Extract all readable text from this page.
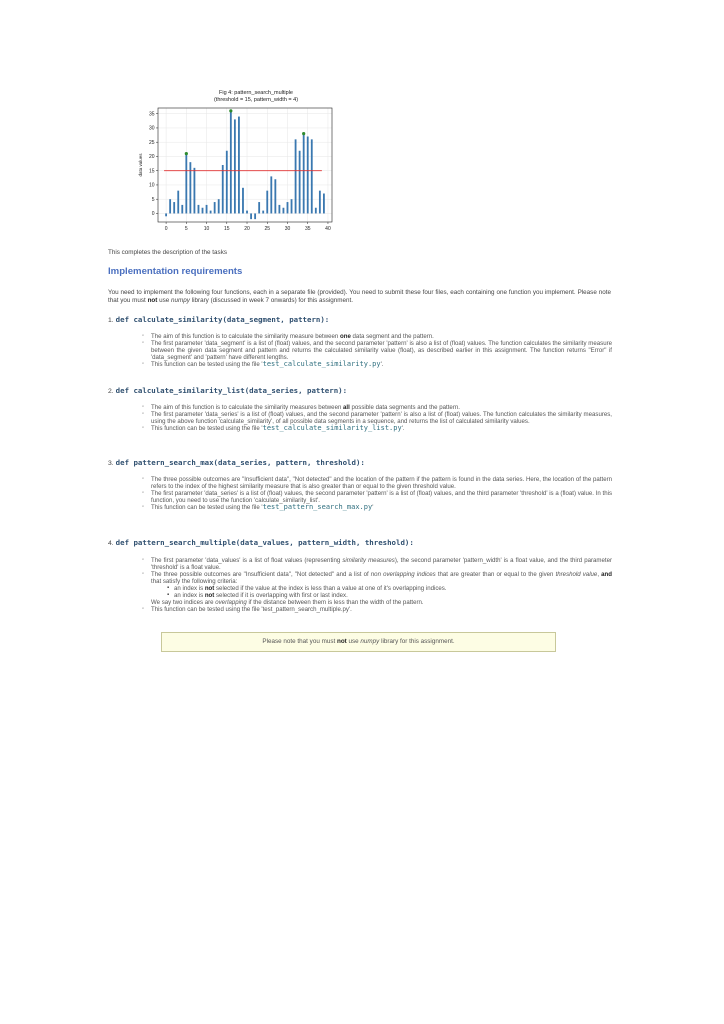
0	5	10	15	20	25	30	35	40
0
5
10
15
20
25
30
35
data values
Fig 4: pattern_search_multiple
(threshold = 15, pattern_width = 4)
This completes the description of the tasks
Implementation requirements
You need to implement the following four functions, each in a separate file (provided). You need to submit these four files, each containing one function you implement. Please note that you must not use numpy library (discussed in week 7 onwards) for this assignment.
1. def calculate_similarity(data_segment, pattern):
◦ The aim of this function is to calculate the similarity measure between one data segment and the pattern.
◦ The first parameter 'data_segment' is a list of (float) values, and the second parameter 'pattern' is also a list of (float) values. The function calculates the similarity measure between the given data segment and pattern and returns the calculated similarity value (float), as described earlier in this assignment. The function returns "Error" if 'data_segment' and 'pattern' have different lengths.
◦ This function can be tested using the file 'test_calculate_similarity.py'.
2. def calculate_similarity_list(data_series, pattern):
◦ The aim of this function is to calculate the similarity measures between all possible data segments and the pattern.
◦ The first parameter 'data_series' is a list of (float) values, and the second parameter 'pattern' is also a list of (float) values. The function calculates the similarity measures, using the above function 'calculate_similarity', of all possible data segments in a sequence, and returns the list of calculated similarity values.
◦ This function can be tested using the file 'test_calculate_similarity_list.py'.
3. def pattern_search_max(data_series, pattern, threshold):
◦ The three possible outcomes are "Insufficient data", "Not detected" and the location of the pattern if the pattern is found in the data series. Here, the location of the pattern refers to the index of the highest similarity measure that is also greater than or equal to the given threshold value.
◦ The first parameter 'data_series' is a list of (float) values, the second parameter 'pattern' is a list of (float) values, and the third parameter 'threshold' is a (float) value. In this function, you need to use the function 'calculate_similarity_list'.
◦ This function can be tested using the file 'test_pattern_search_max.py'
4. def pattern_search_multiple(data_values, pattern_width, threshold):
◦ The first parameter 'data_values' is a list of float values (representing similarity measures), the second parameter 'pattern_width' is a float value, and the third parameter 'threshold' is a float value.
◦ The three possible outcomes are "Insufficient data", "Not detected" and a list of non overlapping indices that are greater than or equal to the given threshold value, and that satisfy the following criteria:
▪ an index is not selected if the value at the index is less than a value at one of it's overlapping indices.
▪ an index is not selected if it is overlapping with first or last index.
We say two indices are overlapping if the distance between them is less than the width of the pattern.
◦ This function can be tested using the file 'test_pattern_search_multiple.py'.
Please note that you must not use numpy library for this assignment.
